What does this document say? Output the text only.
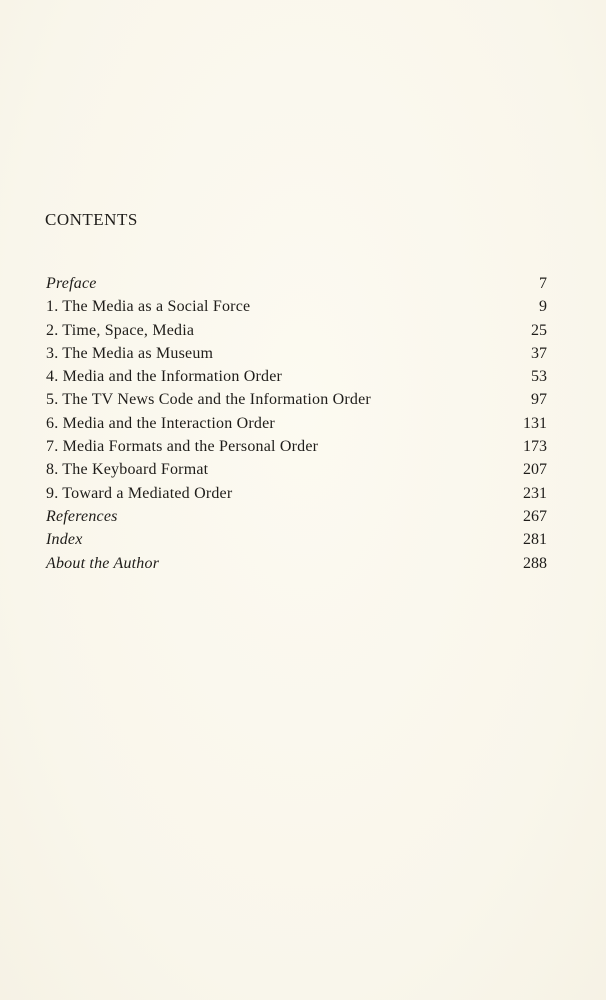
CONTENTS
Preface	7
1. The Media as a Social Force	9
2. Time, Space, Media	25
3. The Media as Museum	37
4. Media and the Information Order	53
5. The TV News Code and the Information Order	97
6. Media and the Interaction Order	131
7. Media Formats and the Personal Order	173
8. The Keyboard Format	207
9. Toward a Mediated Order	231
References	267
Index	281
About the Author	288
